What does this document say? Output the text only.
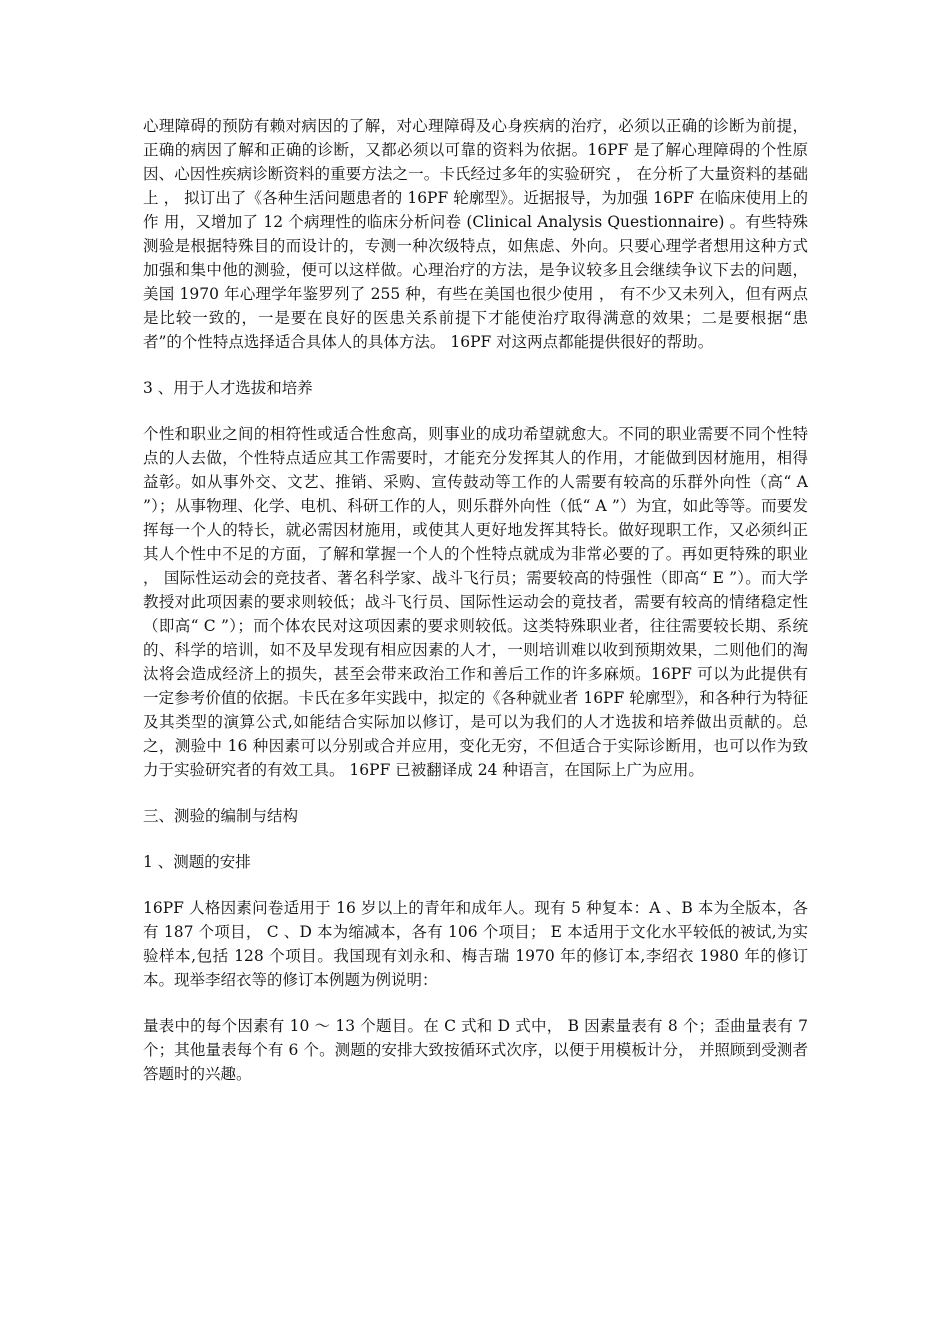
心理障碍的预防有赖对病因的了解，对心理障碍及心身疾病的治疗，必须以正确的诊断为前提，正确的病因了解和正确的诊断，又都必须以可靠的资料为依据。16PF 是了解心理障碍的个性原因、心因性疾病诊断资料的重要方法之一。卡氏经过多年的实验研究 ， 在分析了大量资料的基础上 ， 拟订出了《各种生活问题患者的 16PF 轮廓型》。近据报导，为加强 16PF 在临床使用上的作 用，又增加了 12 个病理性的临床分析问卷 (Clinical Analysis Questionnaire) 。有些特殊测验是根据特殊目的而设计的，专测一种次级特点，如焦虑、外向。只要心理学者想用这种方式加强和集中他的测验，便可以这样做。心理治疗的方法，是争议较多且会继续争议下去的问题，美国 1970 年心理学年鉴罗列了 255 种，有些在美国也很少使用 ， 有不少又未列入，但有两点是比较一致的，一是要在良好的医患关系前提下才能使治疗取得满意的效果；二是要根据“患者”的个性特点选择适合具体人的具体方法。 16PF 对这两点都能提供很好的帮助。

3 、用于人才选拔和培养

个性和职业之间的相符性或适合性愈高，则事业的成功希望就愈大。不同的职业需要不同个性特点的人去做，个性特点适应其工作需要时，才能充分发挥其人的作用，才能做到因材施用，相得益彰。如从事外交、文艺、推销、采购、宣传鼓动等工作的人需要有较高的乐群外向性（高“ A ”）；从事物理、化学、电机、科研工作的人，则乐群外向性（低“ A ”）为宜，如此等等。而要发挥每一个人的特长，就必需因材施用，或使其人更好地发挥其特长。做好现职工作，又必须纠正其人个性中不足的方面，了解和掌握一个人的个性特点就成为非常必要的了。再如更特殊的职业 ， 国际性运动会的竞技者、著名科学家、战斗飞行员；需要较高的恃强性（即高“ E ”）。而大学教授对此项因素的要求则较低；战斗飞行员、国际性运动会的竟技者，需要有较高的情绪稳定性（即高“ C ”）；而个体农民对这项因素的要求则较低。这类特殊职业者，往往需要较长期、系统的、科学的培训，如不及早发现有相应因素的人才，一则培训难以收到预期效果，二则他们的淘汰将会造成经济上的损失，甚至会带来政治工作和善后工作的许多麻烦。16PF 可以为此提供有一定参考价值的依据。卡氏在多年实践中，拟定的《各种就业者 16PF 轮廓型》，和各种行为特征及其类型的演算公式,如能结合实际加以修订，是可以为我们的人才选拔和培养做出贡献的。总之，测验中 16 种因素可以分别或合并应用，变化无穷，不但适合于实际诊断用，也可以作为致力于实验研究者的有效工具。 16PF 已被翻译成 24 种语言，在国际上广为应用。

三、测验的编制与结构

1 、测题的安排

16PF 人格因素问卷适用于 16 岁以上的青年和成年人。现有 5 种复本：A 、B 本为全版本，各有 187 个项目， C 、D 本为缩减本，各有 106 个项目； E 本适用于文化水平较低的被试,为实验样本,包括 128 个项目。我国现有刘永和、梅吉瑞 1970 年的修订本,李绍衣 1980 年的修订本。现举李绍衣等的修订本例题为例说明：

量表中的每个因素有 10 ～ 13 个题目。在 C 式和 D 式中， B 因素量表有 8 个；歪曲量表有 7 个；其他量表每个有 6 个。测题的安排大致按循环式次序，以便于用模板计分， 并照顾到受测者答题时的兴趣。
